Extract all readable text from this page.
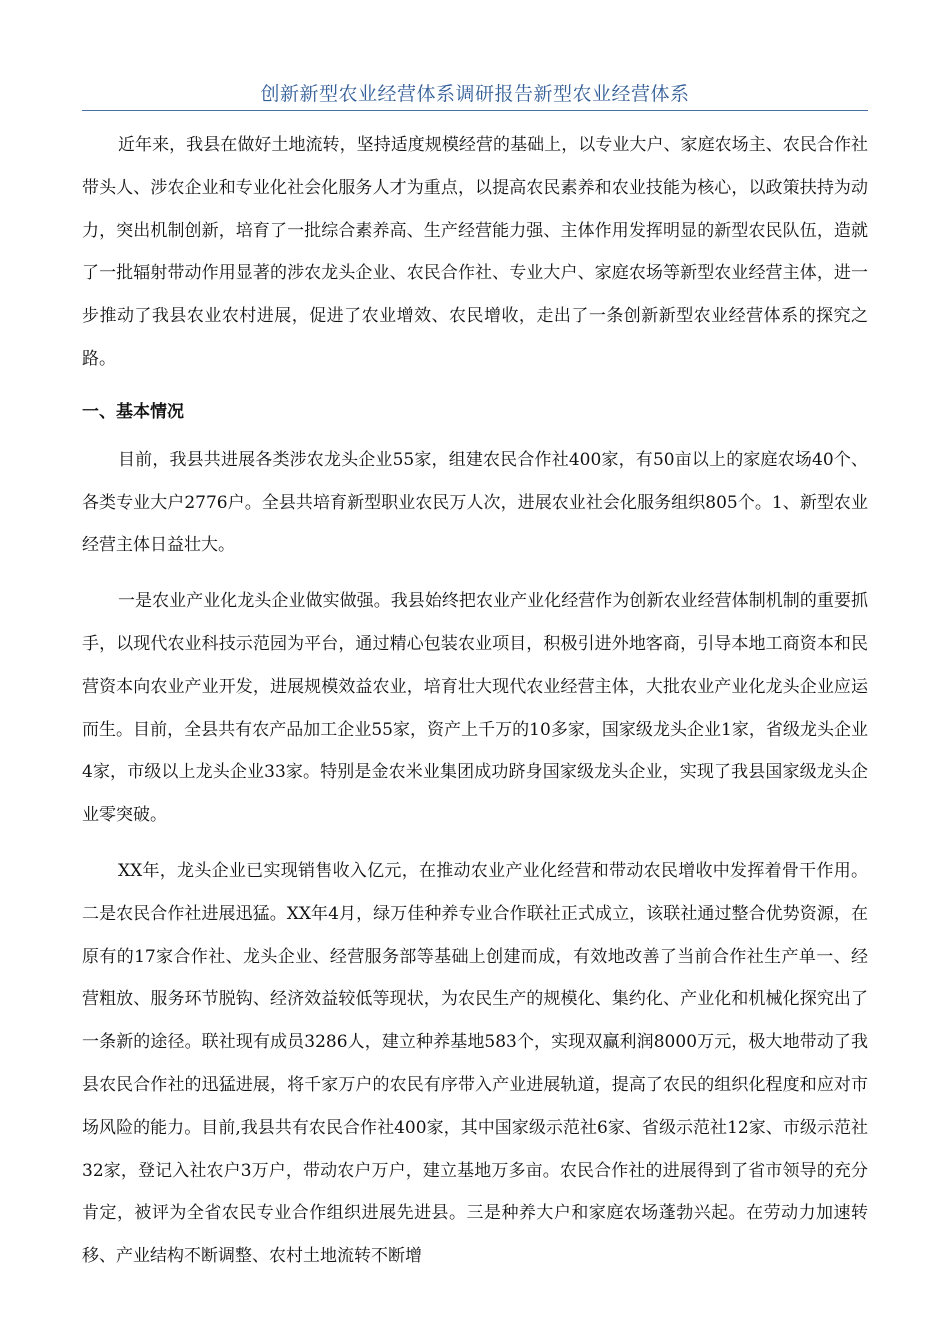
创新新型农业经营体系调研报告新型农业经营体系

近年来，我县在做好土地流转，坚持适度规模经营的基础上，以专业大户、家庭农场主、农民合作社带头人、涉农企业和专业化社会化服务人才为重点，以提高农民素养和农业技能为核心，以政策扶持为动力，突出机制创新，培育了一批综合素养高、生产经营能力强、主体作用发挥明显的新型农民队伍，造就了一批辐射带动作用显著的涉农龙头企业、农民合作社、专业大户、家庭农场等新型农业经营主体，进一步推动了我县农业农村进展，促进了农业增效、农民增收，走出了一条创新新型农业经营体系的探究之路。

一、基本情况

目前，我县共进展各类涉农龙头企业55家，组建农民合作社400家，有50亩以上的家庭农场40个、各类专业大户2776户。全县共培育新型职业农民万人次，进展农业社会化服务组织805个。1、新型农业经营主体日益壮大。

一是农业产业化龙头企业做实做强。我县始终把农业产业化经营作为创新农业经营体制机制的重要抓手，以现代农业科技示范园为平台，通过精心包装农业项目，积极引进外地客商，引导本地工商资本和民营资本向农业产业开发，进展规模效益农业，培育壮大现代农业经营主体，大批农业产业化龙头企业应运而生。目前，全县共有农产品加工企业55家，资产上千万的10多家，国家级龙头企业1家，省级龙头企业4家，市级以上龙头企业33家。特别是金农米业集团成功跻身国家级龙头企业，实现了我县国家级龙头企业零突破。

XX年，龙头企业已实现销售收入亿元，在推动农业产业化经营和带动农民增收中发挥着骨干作用。二是农民合作社进展迅猛。XX年4月，绿万佳种养专业合作联社正式成立，该联社通过整合优势资源，在原有的17家合作社、龙头企业、经营服务部等基础上创建而成，有效地改善了当前合作社生产单一、经营粗放、服务环节脱钩、经济效益较低等现状，为农民生产的规模化、集约化、产业化和机械化探究出了一条新的途径。联社现有成员3286人，建立种养基地583个，实现双赢利润8000万元，极大地带动了我县农民合作社的迅猛进展，将千家万户的农民有序带入产业进展轨道，提高了农民的组织化程度和应对市场风险的能力。目前,我县共有农民合作社400家，其中国家级示范社6家、省级示范社12家、市级示范社32家，登记入社农户3万户，带动农户万户，建立基地万多亩。农民合作社的进展得到了省市领导的充分肯定，被评为全省农民专业合作组织进展先进县。三是种养大户和家庭农场蓬勃兴起。在劳动力加速转移、产业结构不断调整、农村土地流转不断增
